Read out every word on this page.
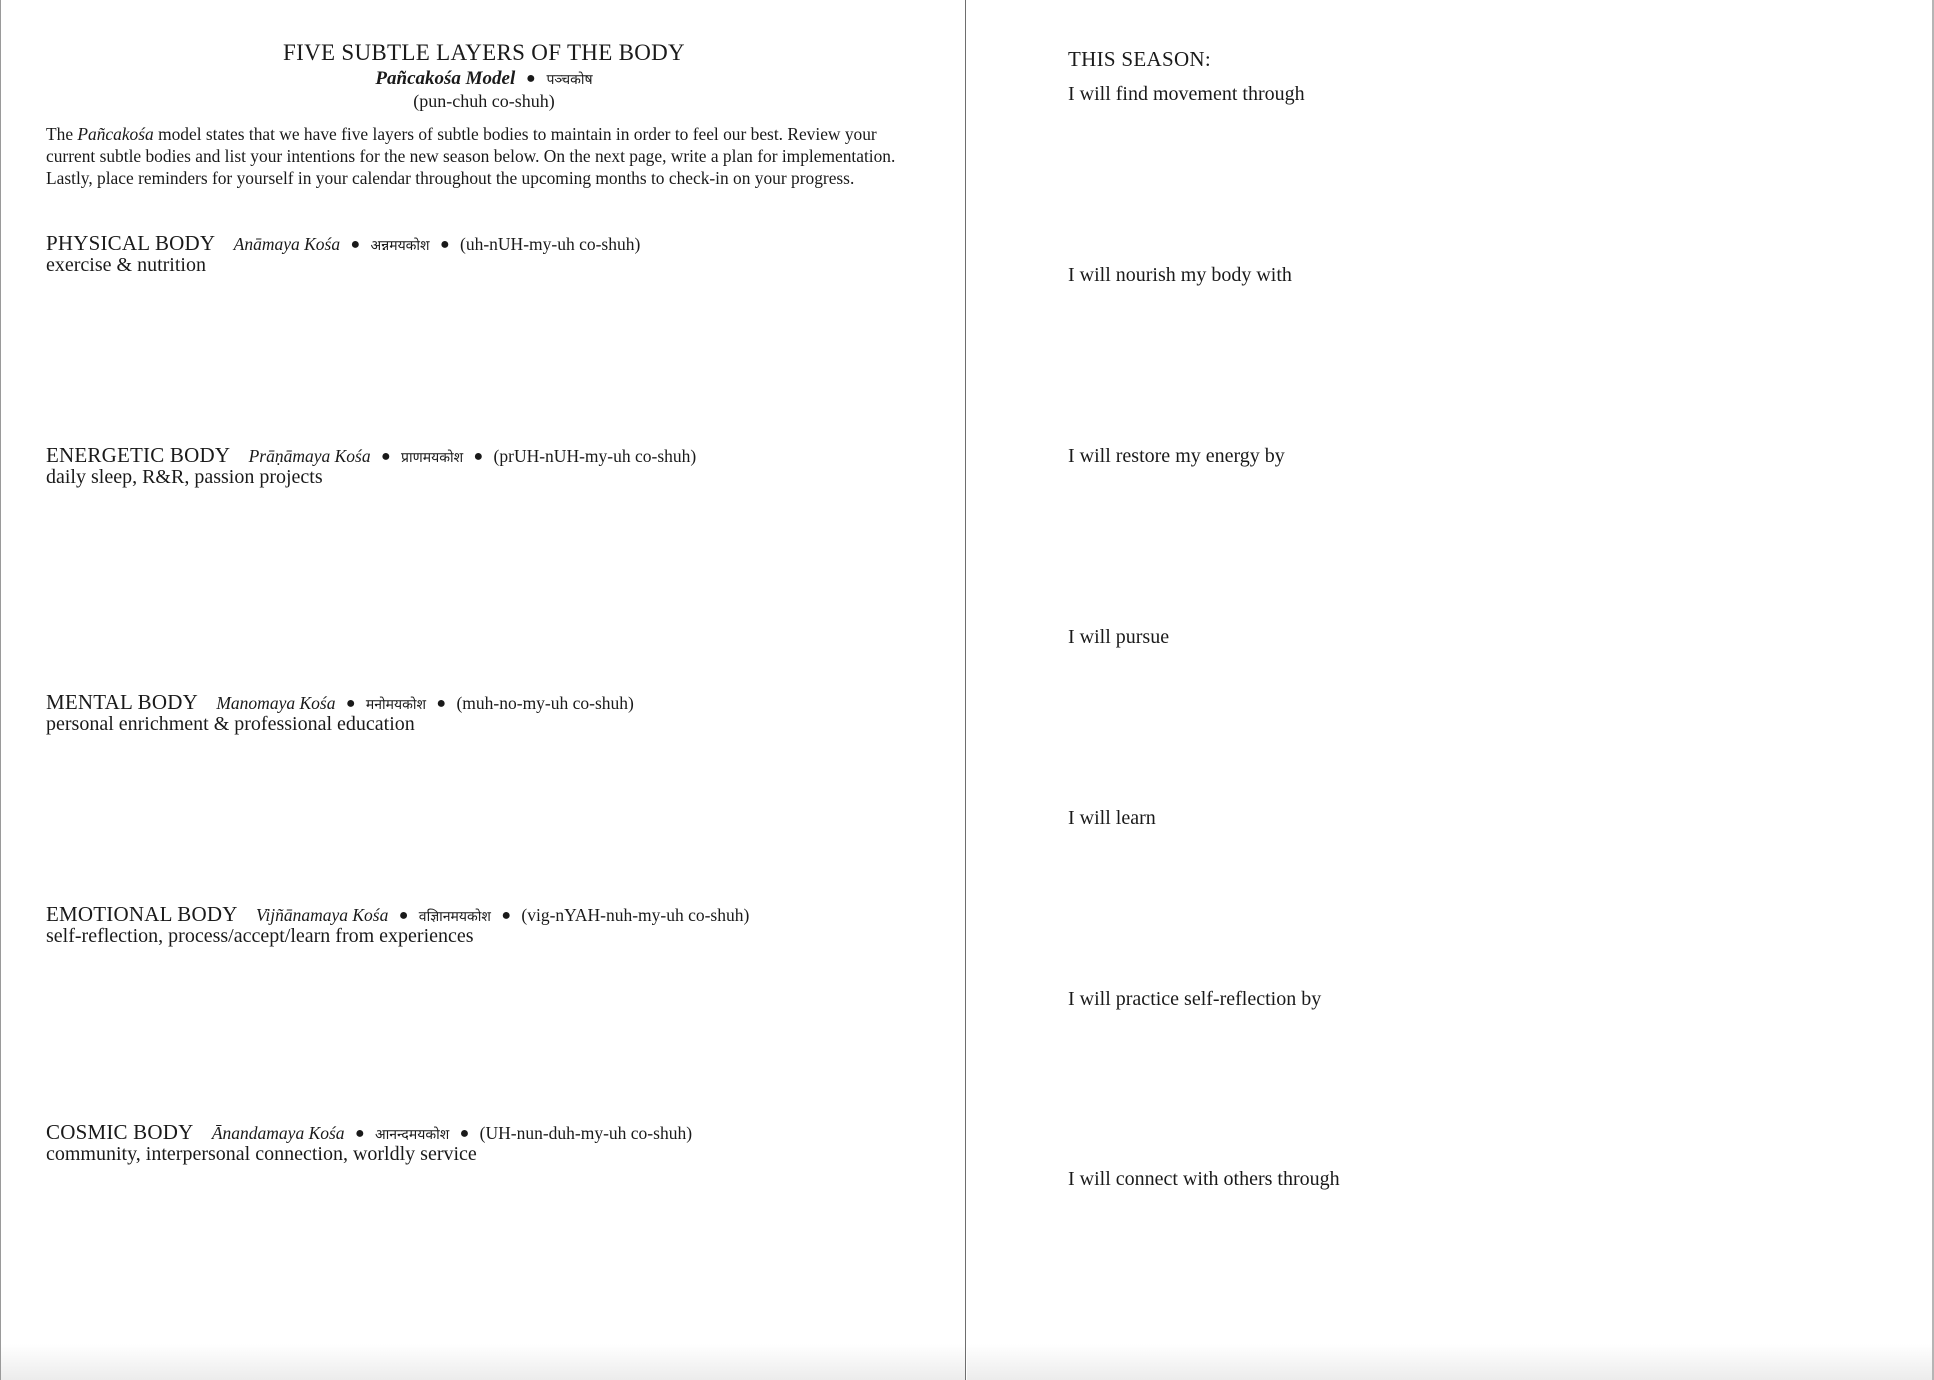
FIVE SUBTLE LAYERS OF THE BODY
Pañcakośa Model ● पञ्चकोष
(pun-chuh co-shuh)

The Pañcakośa model states that we have five layers of subtle bodies to maintain in order to feel our best. Review your current subtle bodies and list your intentions for the new season below. On the next page, write a plan for implementation. Lastly, place reminders for yourself in your calendar throughout the upcoming months to check-in on your progress.

PHYSICAL BODY Anāmaya Kośa ● अन्नमयकोश ● (uh-nUH-my-uh co-shuh)
exercise & nutrition
ENERGETIC BODY Prāṇāmaya Kośa ● प्राणमयकोश ● (prUH-nUH-my-uh co-shuh)
daily sleep, R&R, passion projects
MENTAL BODY Manomaya Kośa ● मनोमयकोश ● (muh-no-my-uh co-shuh)
personal enrichment & professional education
EMOTIONAL BODY Vijñānamaya Kośa ● वज्ञिानमयकोश ● (vig-nYAH-nuh-my-uh co-shuh)
self-reflection, process/accept/learn from experiences
COSMIC BODY Ānandamaya Kośa ● आनन्दमयकोश ● (UH-nun-duh-my-uh co-shuh)
community, interpersonal connection, worldly service
THIS SEASON:
I will find movement through
I will nourish my body with
I will restore my energy by
I will pursue
I will learn
I will practice self-reflection by
I will connect with others through
